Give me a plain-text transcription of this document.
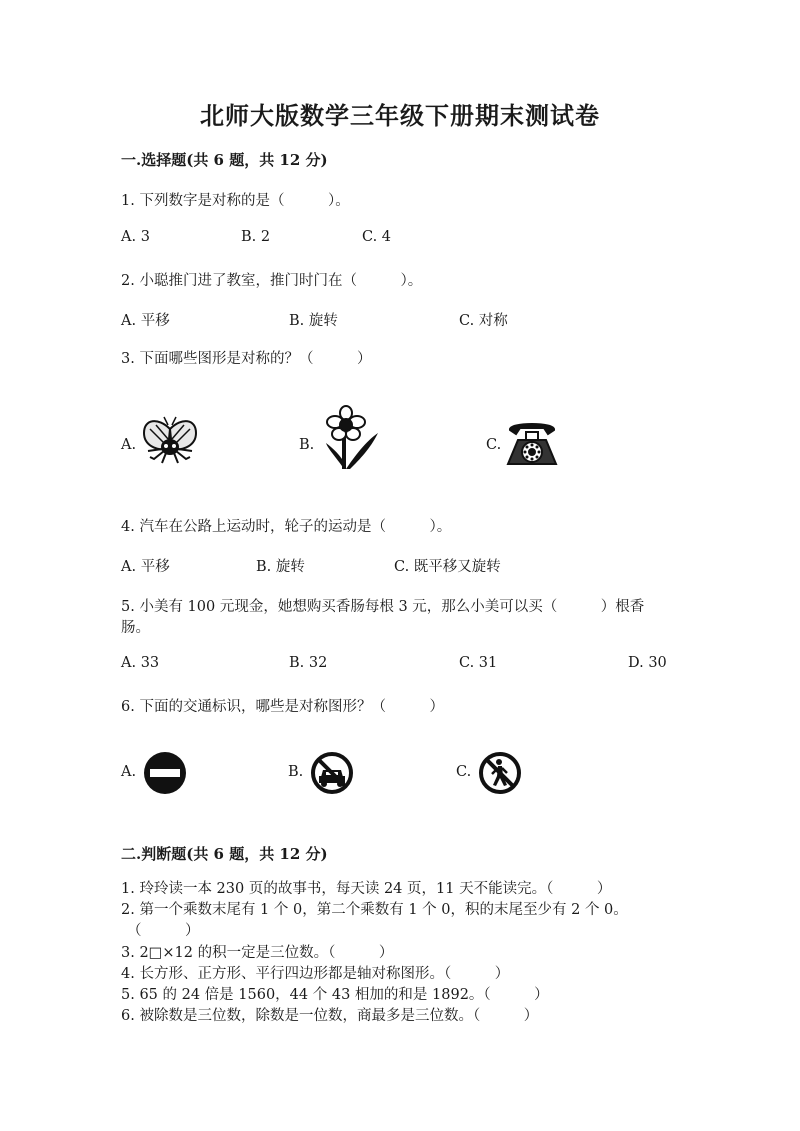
北师大版数学三年级下册期末测试卷
一.选择题(共 6 题，共 12 分)
1. 下列数字是对称的是（　　　）。
A. 3	B. 2	C. 4
2. 小聪推门进了教室，推门时门在（　　　）。
A. 平移	B. 旋转	C. 对称
3. 下面哪些图形是对称的？（　　　）
A.	B.	C.
4. 汽车在公路上运动时，轮子的运动是（　　　）。
A. 平移	B. 旋转	C. 既平移又旋转
5. 小美有 100 元现金，她想购买香肠每根 3 元，那么小美可以买（　　　）根香
肠。
A. 33	B. 32	C. 31	D. 30
6. 下面的交通标识，哪些是对称图形？（　　　）
A.	B.	C.
二.判断题(共 6 题，共 12 分)
1. 玲玲读一本 230 页的故事书，每天读 24 页，11 天不能读完。（　　　）
2. 第一个乘数末尾有 1 个 0，第二个乘数有 1 个 0，积的末尾至少有 2 个 0。
（　　　）
3. 2□×12 的积一定是三位数。（　　　）
4. 长方形、正方形、平行四边形都是轴对称图形。（　　　）
5. 65 的 24 倍是 1560，44 个 43 相加的和是 1892。（　　　）
6. 被除数是三位数，除数是一位数，商最多是三位数。（　　　）
